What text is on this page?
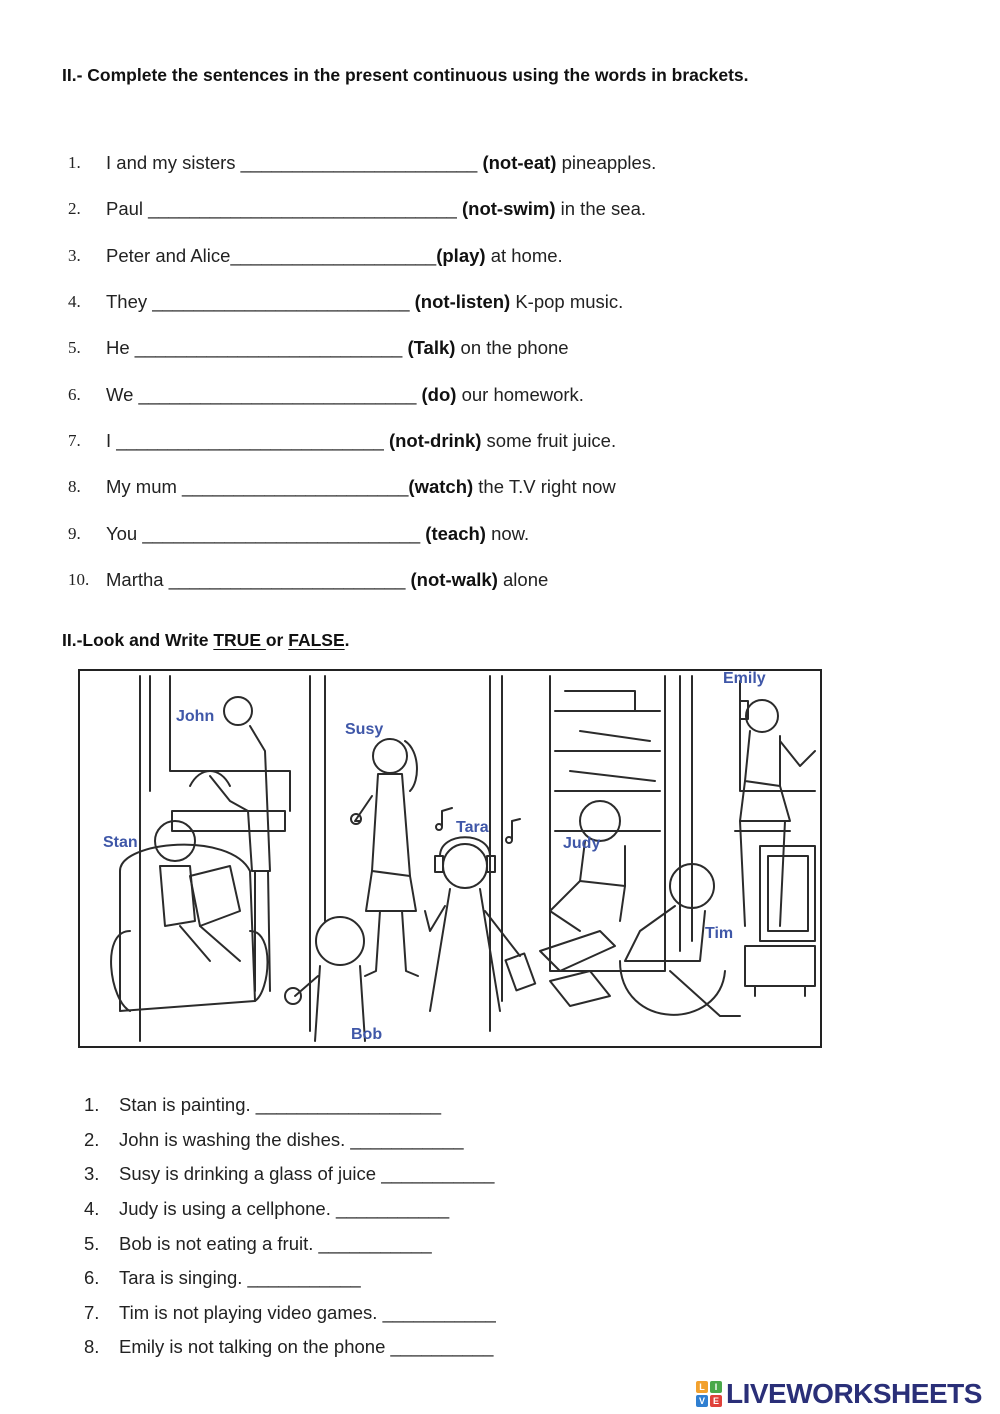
II.- Complete the sentences in the present continuous using the words in brackets.
1.	I and my sisters _______________________ (not-eat) pineapples.
2.	Paul ______________________________ (not-swim) in the sea.
3.	Peter and Alice____________________(play) at home.
4.	They _________________________ (not-listen) K-pop music.
5.	He __________________________ (Talk) on the phone
6.	We ___________________________ (do) our homework.
7.	I __________________________ (not-drink) some fruit juice.
8.	My mum ______________________(watch) the T.V right now
9.	You ___________________________ (teach) now.
10. Martha _______________________ (not-walk) alone
II.-Look and Write TRUE or FALSE.
John
Susy
Emily
Stan
Tara
Judy
Tim
Bob
1.	Stan is painting. __________________
2.	John is washing the dishes. ___________
3.	Susy is drinking a glass of juice ___________
4.	Judy is using a cellphone. ___________
5.	Bob is not eating a fruit. ___________
6.	Tara is singing. ___________
7.	Tim is not playing video games. ___________
8.	Emily is not talking on the phone __________
L	I
V E LIVEWORKSHEETS
